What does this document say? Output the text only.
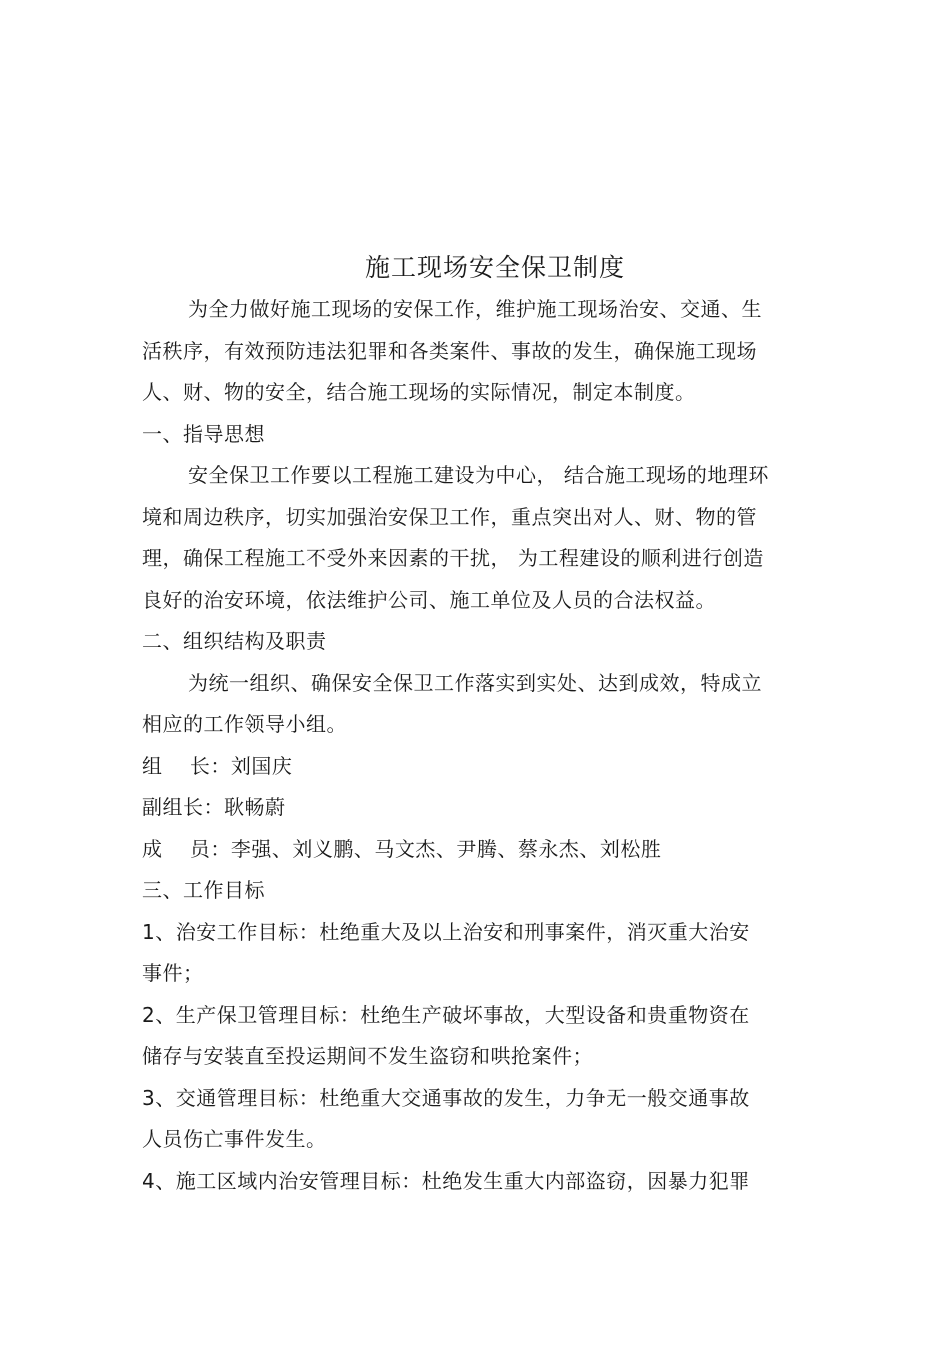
施工现场安全保卫制度
为全力做好施工现场的安保工作，维护施工现场治安、交通、生
活秩序，有效预防违法犯罪和各类案件、事故的发生，确保施工现场
人、财、物的安全，结合施工现场的实际情况，制定本制度。
一、指导思想
安全保卫工作要以工程施工建设为中心， 结合施工现场的地理环
境和周边秩序，切实加强治安保卫工作，重点突出对人、财、物的管
理，确保工程施工不受外来因素的干扰， 为工程建设的顺利进行创造
良好的治安环境，依法维护公司、施工单位及人员的合法权益。
二、组织结构及职责
为统一组织、确保安全保卫工作落实到实处、达到成效，特成立
相应的工作领导小组。
组    长：刘国庆
副组长：耿畅蔚
成    员：李强、刘义鹏、马文杰、尹腾、蔡永杰、刘松胜
三、工作目标
1、治安工作目标：杜绝重大及以上治安和刑事案件，消灭重大治安
事件；
2、生产保卫管理目标：杜绝生产破坏事故，大型设备和贵重物资在
储存与安装直至投运期间不发生盗窃和哄抢案件；
3、交通管理目标：杜绝重大交通事故的发生，力争无一般交通事故
人员伤亡事件发生。
4、施工区域内治安管理目标：杜绝发生重大内部盗窃，因暴力犯罪
